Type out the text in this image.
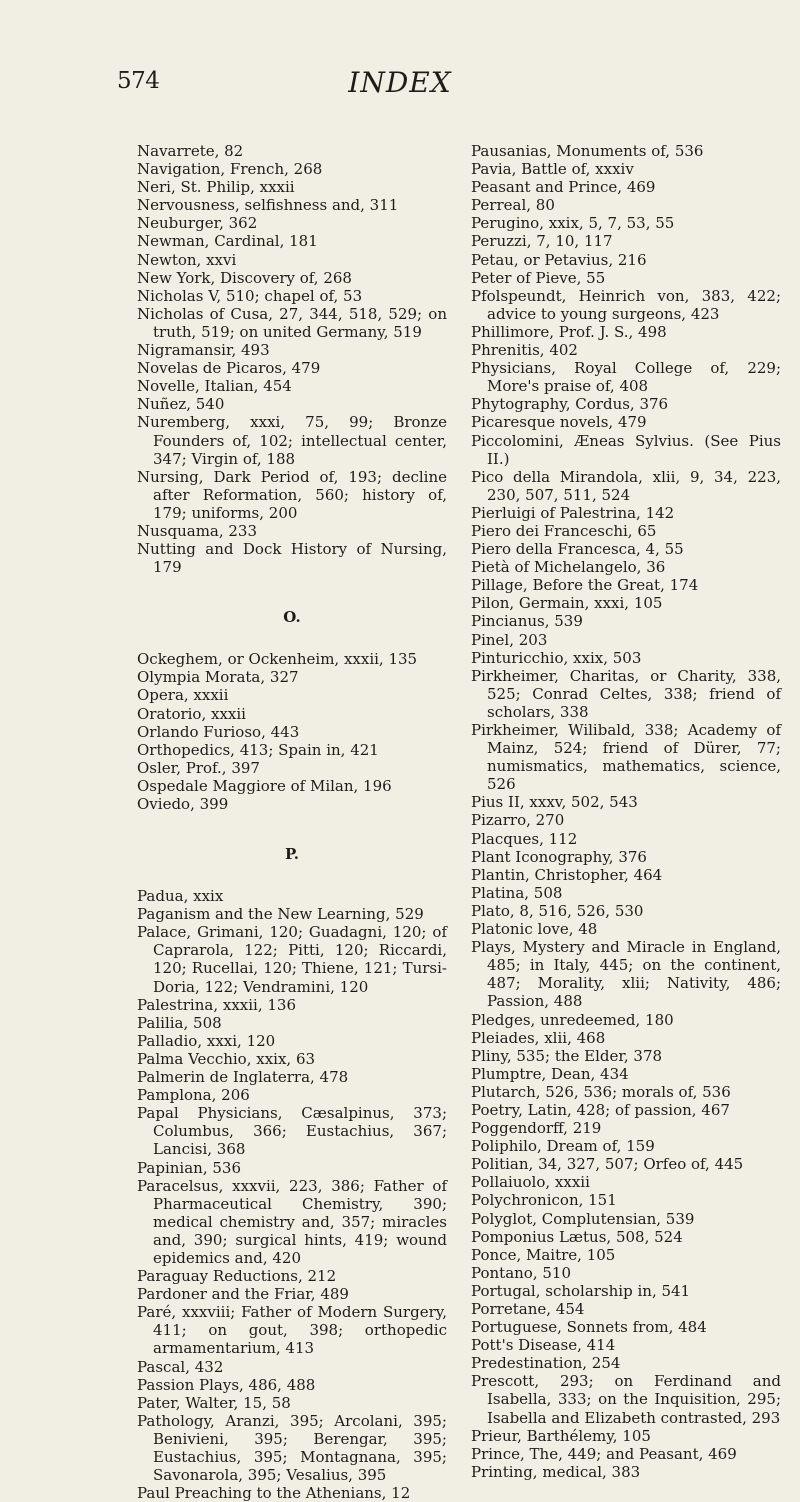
574	INDEX
Navarrete, 82
Navigation, French, 268
Neri, St. Philip, xxxii
Nervousness, selfishness and, 311
Neuburger, 362
Newman, Cardinal, 181
Newton, xxvi
New York, Discovery of, 268
Nicholas V, 510; chapel of, 53
Nicholas of Cusa, 27, 344, 518, 529; on truth, 519; on united Germany, 519
Nigramansir, 493
Novelas de Picaros, 479
Novelle, Italian, 454
Nuñez, 540
Nuremberg, xxxi, 75, 99; Bronze Founders of, 102; intellectual center, 347; Virgin of, 188
Nursing, Dark Period of, 193; decline after Reformation, 560; history of, 179; uniforms, 200
Nusquama, 233
Nutting and Dock History of Nursing, 179
O.
Ockeghem, or Ockenheim, xxxii, 135
Olympia Morata, 327
Opera, xxxii
Oratorio, xxxii
Orlando Furioso, 443
Orthopedics, 413; Spain in, 421
Osler, Prof., 397
Ospedale Maggiore of Milan, 196
Oviedo, 399
P.
Padua, xxix
Paganism and the New Learning, 529
Palace, Grimani, 120; Guadagni, 120; of Caprarola, 122; Pitti, 120; Riccardi, 120; Rucellai, 120; Thiene, 121; Tursi-Doria, 122; Vendramini, 120
Palestrina, xxxii, 136
Palilia, 508
Palladio, xxxi, 120
Palma Vecchio, xxix, 63
Palmerin de Inglaterra, 478
Pamplona, 206
Papal Physicians, Cæsalpinus, 373; Columbus, 366; Eustachius, 367; Lancisi, 368
Papinian, 536
Paracelsus, xxxvii, 223, 386; Father of Pharmaceutical Chemistry, 390; medical chemistry and, 357; miracles and, 390; surgical hints, 419; wound epidemics and, 420
Paraguay Reductions, 212
Pardoner and the Friar, 489
Paré, xxxviii; Father of Modern Surgery, 411; on gout, 398; orthopedic armamentarium, 413
Pascal, 432
Passion Plays, 486, 488
Pater, Walter, 15, 58
Pathology, Aranzi, 395; Arcolani, 395; Benivieni, 395; Berengar, 395; Eustachius, 395; Montagnana, 395; Savonarola, 395; Vesalius, 395
Paul Preaching to the Athenians, 12
Pausanias, Monuments of, 536
Pavia, Battle of, xxxiv
Peasant and Prince, 469
Perreal, 80
Perugino, xxix, 5, 7, 53, 55
Peruzzi, 7, 10, 117
Petau, or Petavius, 216
Peter of Pieve, 55
Pfolspeundt, Heinrich von, 383, 422; advice to young surgeons, 423
Phillimore, Prof. J. S., 498
Phrenitis, 402
Physicians, Royal College of, 229; More's praise of, 408
Phytography, Cordus, 376
Picaresque novels, 479
Piccolomini, Æneas Sylvius. (See Pius II.)
Pico della Mirandola, xlii, 9, 34, 223, 230, 507, 511, 524
Pierluigi of Palestrina, 142
Piero dei Franceschi, 65
Piero della Francesca, 4, 55
Pietà of Michelangelo, 36
Pillage, Before the Great, 174
Pilon, Germain, xxxi, 105
Pincianus, 539
Pinel, 203
Pinturicchio, xxix, 503
Pirkheimer, Charitas, or Charity, 338, 525; Conrad Celtes, 338; friend of scholars, 338
Pirkheimer, Wilibald, 338; Academy of Mainz, 524; friend of Dürer, 77; numismatics, mathematics, science, 526
Pius II, xxxv, 502, 543
Pizarro, 270
Placques, 112
Plant Iconography, 376
Plantin, Christopher, 464
Platina, 508
Plato, 8, 516, 526, 530
Platonic love, 48
Plays, Mystery and Miracle in England, 485; in Italy, 445; on the continent, 487; Morality, xlii; Nativity, 486; Passion, 488
Pledges, unredeemed, 180
Pleiades, xlii, 468
Pliny, 535; the Elder, 378
Plumptre, Dean, 434
Plutarch, 526, 536; morals of, 536
Poetry, Latin, 428; of passion, 467
Poggendorff, 219
Poliphilo, Dream of, 159
Politian, 34, 327, 507; Orfeo of, 445
Pollaiuolo, xxxii
Polychronicon, 151
Polyglot, Complutensian, 539
Pomponius Lætus, 508, 524
Ponce, Maitre, 105
Pontano, 510
Portugal, scholarship in, 541
Porretane, 454
Portuguese, Sonnets from, 484
Pott's Disease, 414
Predestination, 254
Prescott, 293; on Ferdinand and Isabella, 333; on the Inquisition, 295; Isabella and Elizabeth contrasted, 293
Prieur, Barthélemy, 105
Prince, The, 449; and Peasant, 469
Printing, medical, 383
